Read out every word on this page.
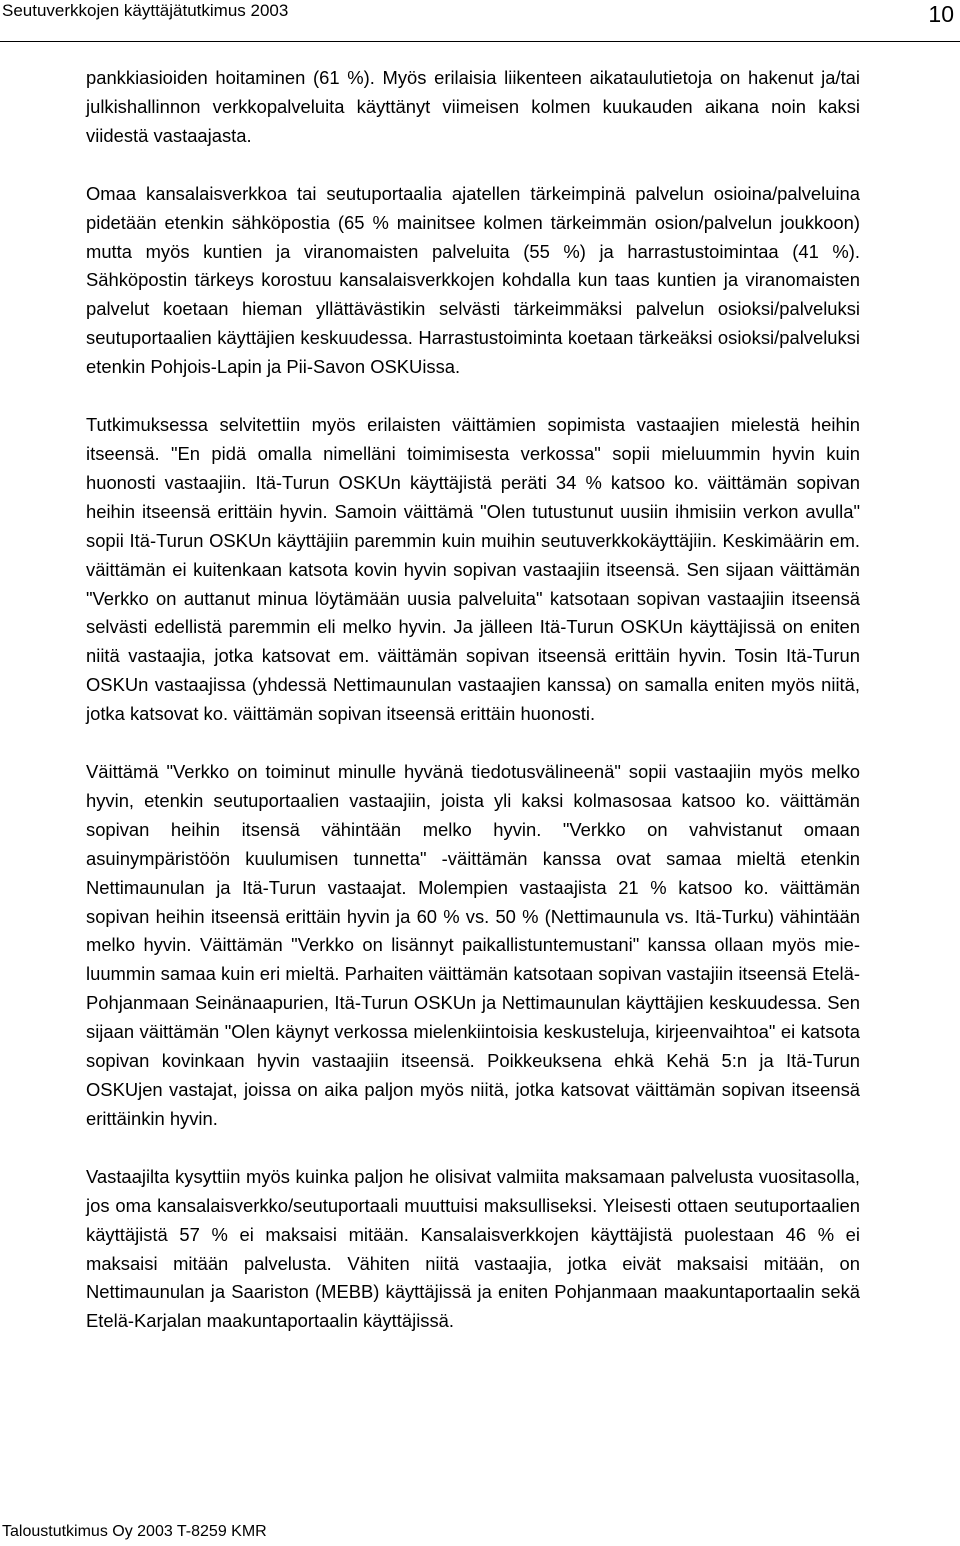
Seutuverkkojen käyttäjätutkimus 2003	10

pankkiasioiden hoitaminen (61 %). Myös erilaisia liikenteen aikataulutietoja on hakenut ja/tai julkishallinnon verkkopalveluita käyttänyt viimeisen kolmen kuukauden aikana noin kaksi viidestä vastaajasta.

Omaa kansalaisverkkoa tai seutuportaalia ajatellen tärkeimpinä palvelun osioina/palveluina pidetään etenkin sähköpostia (65 % mainitsee kolmen tärkeimmän osion/palvelun joukkoon) mutta myös kuntien ja viranomaisten palveluita (55 %) ja harrastustoimintaa (41 %). Sähköpostin tärkeys korostuu kansalaisverkkojen kohdalla kun taas kuntien ja viranomaisten palvelut koetaan hieman yllättävästikin selvästi tärkeimmäksi palvelun osioksi/palveluksi seutuportaalien käyttäjien keskuudessa. Harrastustoiminta koetaan tärkeäksi osioksi/palveluksi etenkin Pohjois-Lapin ja Pii-Savon OSKUissa.

Tutkimuksessa selvitettiin myös erilaisten väittämien sopimista vastaajien mielestä heihin itseensä. "En pidä omalla nimelläni toimimisesta verkossa" sopii mieluummin hyvin kuin huonosti vastaajiin. Itä-Turun OSKUn käyttäjistä peräti 34 % katsoo ko. väittämän sopivan heihin itseensä erittäin hyvin. Samoin väittämä "Olen tutustunut uusiin ihmisiin verkon avulla" sopii Itä-Turun OSKUn käyttäjiin paremmin kuin muihin seutuverkkokäyttäjiin. Keskimäärin em. väittämän ei kuitenkaan katsota kovin hyvin sopivan vastaajiin itseensä. Sen sijaan väittämän "Verkko on auttanut minua löytämään uusia palveluita" katsotaan sopivan vastaajiin itseensä selvästi edellistä paremmin eli melko hyvin. Ja jälleen Itä-Turun OSKUn käyttäjissä on eniten niitä vastaajia, jotka katsovat em. väittämän sopivan itseensä erittäin hyvin. Tosin Itä-Turun OSKUn vastaajissa (yhdessä Nettimaunulan vastaajien kanssa) on samalla eniten myös niitä, jotka katsovat ko. väittämän sopivan itseensä erittäin huonosti.

Väittämä "Verkko on toiminut minulle hyvänä tiedotusvälineenä" sopii vastaajiin myös melko hyvin, etenkin seutuportaalien vastaajiin, joista yli kaksi kolmasosaa katsoo ko. väittämän sopivan heihin itsensä vähintään melko hyvin. "Verkko on vahvistanut omaan asuinympäristöön kuulumisen tunnetta" -väittämän kanssa ovat samaa mieltä etenkin Nettimaunulan ja Itä-Turun vastaajat. Molempien vastaajista 21 % katsoo ko. väittämän sopivan heihin itseensä erittäin hyvin ja 60 % vs. 50 % (Nettimaunula vs. Itä-Turku) vähintään melko hyvin. Väittämän "Verkko on lisännyt paikallistuntemustani" kanssa ollaan myös mieluummin samaa kuin eri mieltä. Parhaiten väittämän katsotaan sopivan vastajiin itseensä Etelä-Pohjanmaan Seinänaapurien, Itä-Turun OSKUn ja Nettimaunulan käyttäjien keskuudessa. Sen sijaan väittämän "Olen käynyt verkossa mielenkiintoisia keskusteluja, kirjeenvaihtoa" ei katsota sopivan kovinkaan hyvin vastaajiin itseensä. Poikkeuksena ehkä Kehä 5:n ja Itä-Turun OSKUjen vastajat, joissa on aika paljon myös niitä, jotka katsovat väittämän sopivan itseensä erittäinkin hyvin.

Vastaajilta kysyttiin myös kuinka paljon he olisivat valmiita maksamaan palvelusta vuositasolla, jos oma kansalaisverkko/seutuportaali muuttuisi maksulliseksi. Yleisesti ottaen seutuportaalien käyttäjistä 57 % ei maksaisi mitään. Kansalaisverkkojen käyttäjistä puolestaan 46 % ei maksaisi mitään palvelusta. Vähiten niitä vastaajia, jotka eivät maksaisi mitään, on Nettimaunulan ja Saariston (MEBB) käyttäjissä ja eniten Pohjanmaan maakuntaportaalin sekä Etelä-Karjalan maakuntaportaalin käyttäjissä.

Taloustutkimus Oy 2003 T-8259 KMR
